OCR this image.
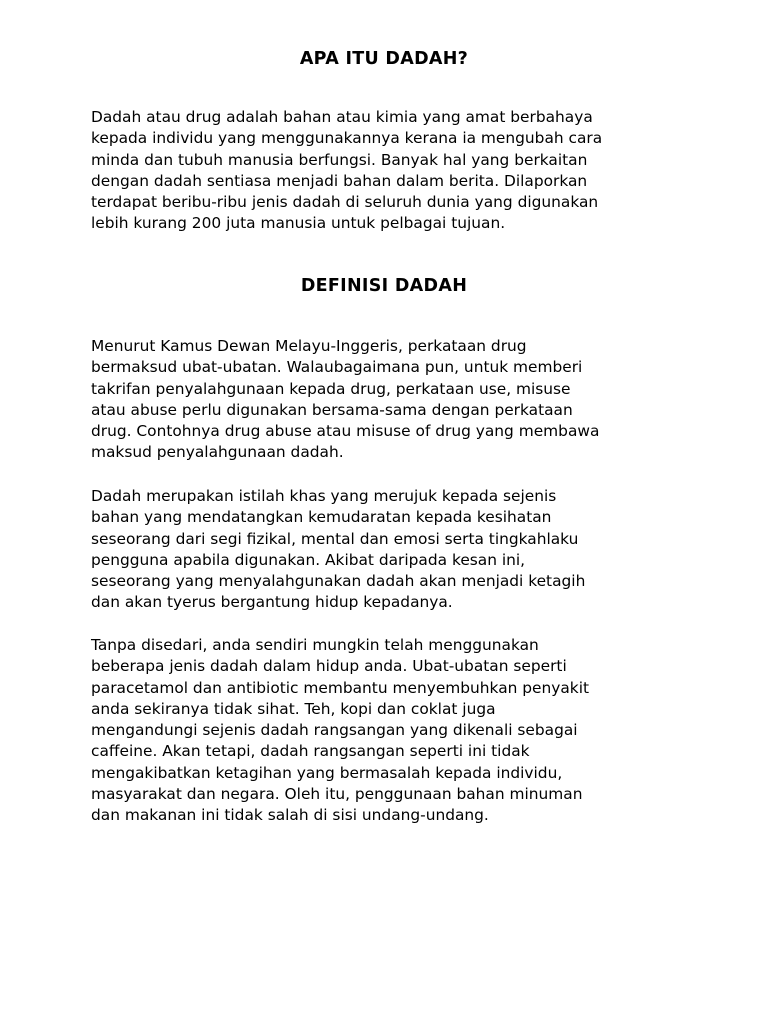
APA ITU DADAH?

Dadah atau drug adalah bahan atau kimia yang amat berbahaya
kepada individu yang menggunakannya kerana ia mengubah cara
minda dan tubuh manusia berfungsi. Banyak hal yang berkaitan
dengan dadah sentiasa menjadi bahan dalam berita. Dilaporkan
terdapat beribu-ribu jenis dadah di seluruh dunia yang digunakan
lebih kurang 200 juta manusia untuk pelbagai tujuan.

DEFINISI DADAH

Menurut Kamus Dewan Melayu-Inggeris, perkataan drug
bermaksud ubat-ubatan. Walaubagaimana pun, untuk memberi
takrifan penyalahgunaan kepada drug, perkataan use, misuse
atau abuse perlu digunakan bersama-sama dengan perkataan
drug. Contohnya drug abuse atau misuse of drug yang membawa
maksud penyalahgunaan dadah.

Dadah merupakan istilah khas yang merujuk kepada sejenis
bahan yang mendatangkan kemudaratan kepada kesihatan
seseorang dari segi fizikal, mental dan emosi serta tingkahlaku
pengguna apabila digunakan. Akibat daripada kesan ini,
seseorang yang menyalahgunakan dadah akan menjadi ketagih
dan akan tyerus bergantung hidup kepadanya.

Tanpa disedari, anda sendiri mungkin telah menggunakan
beberapa jenis dadah dalam hidup anda. Ubat-ubatan seperti
paracetamol dan antibiotic membantu menyembuhkan penyakit
anda sekiranya tidak sihat. Teh, kopi dan coklat juga
mengandungi sejenis dadah rangsangan yang dikenali sebagai
caffeine. Akan tetapi, dadah rangsangan seperti ini tidak
mengakibatkan ketagihan yang bermasalah kepada individu,
masyarakat dan negara. Oleh itu, penggunaan bahan minuman
dan makanan ini tidak salah di sisi undang-undang.
